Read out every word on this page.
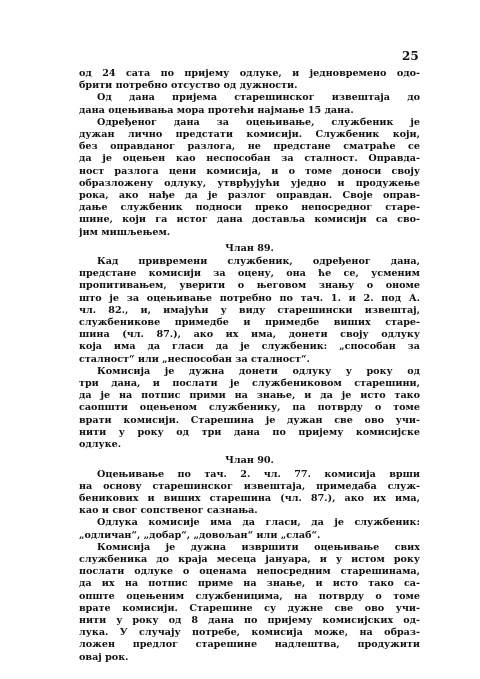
25
од 24 сата по пријему одлуке, и једновремено одо-
брити потребно отсуство од дужности.
Од дана пријема старешинског извештаја до
дана оцењивања мора протећи најмање 15 дана.
Одређеног дана за оцењивање, службеник је
дужан лично предстати комисији. Службеник који,
без оправданог разлога, не предстане сматраће се
да је оцењен као неспособан за сталност. Оправда-
ност разлога цени комисија, и о томе доноси своју
образложену одлуку, утврђујући уједно и продужење
рока, ако нађе да је разлог оправдан. Своје оправ-
дање службеник подноси преко непосредног старе-
шине, који га истог дана доставља комисији са сво-
јим мишљењем.
Члан 89.
Кад привремени службеник, одређеног дана,
предстане комисији за оцену, она ће се, усменим
пропитивањем, уверити о његовом знању о ономе
што је за оцењивање потребно по тач. 1. и 2. под А.
чл. 82., и, имајући у виду старешински извештај,
службеникове примедбе и примедбе виших старе-
шина (чл. 87.), ако их има, донети своју одлуку
која има да гласи да је службеник: „способан за
сталност“ или „неспособан за сталност“.
Комисија је дужна донети одлуку у року од
три дана, и послати је службениковом старешини,
да је на потпис прими на знање, и да је исто тако
саопшти оцењеном службенику, па потврду о томе
врати комисији. Старешина је дужан све ово учи-
нити у року од три дана по пријему комисијске
одлуке.
Члан 90.
Оцењивање по тач. 2. чл. 77. комисија врши
на основу старешинског извештаја, примедаба служ-
беникових и виших старешина (чл. 87.), ако их има,
као и свог сопственог сазнања.
Одлука комисије има да гласи, да је службеник:
„одличан“, „добар“, „довољан“ или „слаб“.
Комисија је дужна извршити оцењивање свих
службеника до краја месеца јануара, и у истом року
послати одлуке о оценама непосредним старешинама,
да их на потпис приме на знање, и исто тако са-
опште оцењеним службеницима, на потврду о томе
врате комисији. Старешине су дужне све ово учи-
нити у року од 8 дана по пријему комисијских од-
лука. У случају потребе, комисија може, на образ-
ложен предлог старешине надлештва, продужити
овај рок.
